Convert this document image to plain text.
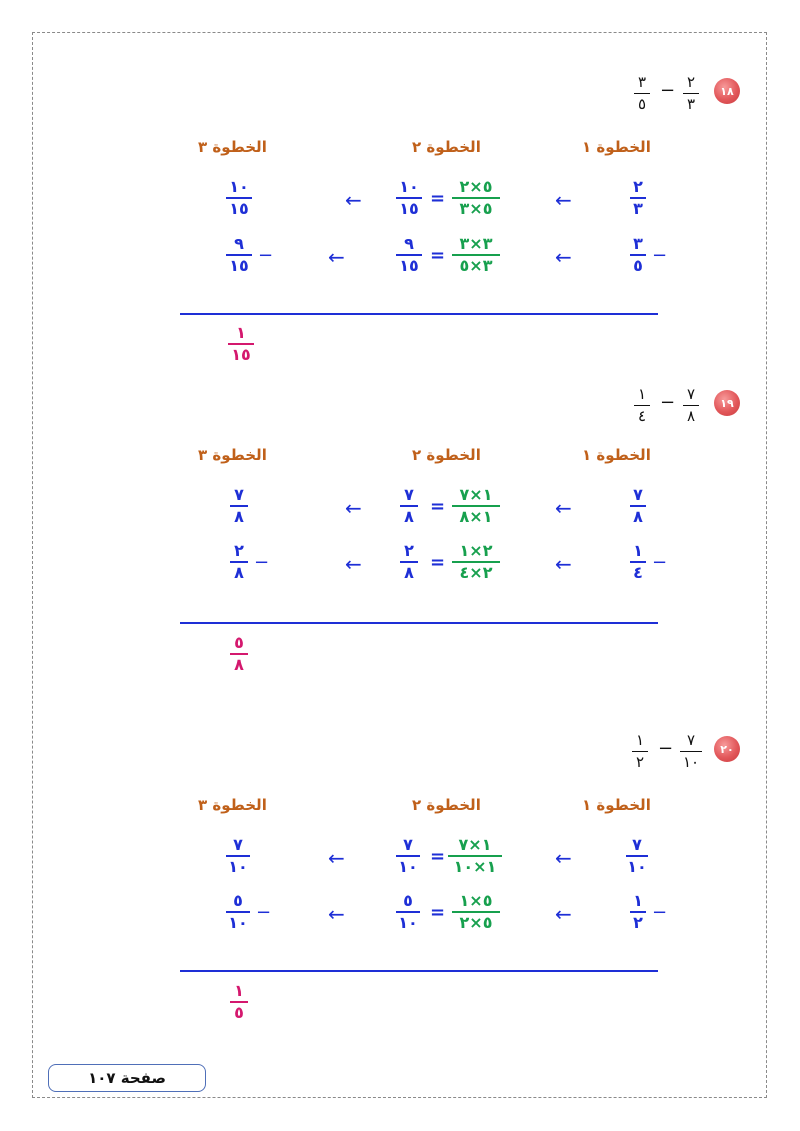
١٨
٢
٣
−
٣
٥
الخطوة ١
الخطوة ٢
الخطوة ٣
٢
٣
←
٥×٢
٥×٣
=
١٠
١٥
←
١٠
١٥
٣
٥ −
←
٣×٣
٣×٥
=
٩
١٥
←
٩
١٥ −
١
١٥
١٩
٧
٨
−
١
٤
الخطوة ١
الخطوة ٢
الخطوة ٣
٧
٨
←
١×٧
١×٨
=
٧
٨
←
٧
٨
١
٤ −
←
٢×١
٢×٤
=
٢
٨
←
٢
٨ −
٥
٨
٢٠
٧
١٠
−
١
٢
الخطوة ١
الخطوة ٢
الخطوة ٣
٧
١٠
←
١×٧
١×١٠
=
٧
١٠
←
٧
١٠
١
٢ −
←
٥×١
٥×٢
=
٥
١٠
←
٥
١٠ −
١
٥
صفحة ١٠٧
